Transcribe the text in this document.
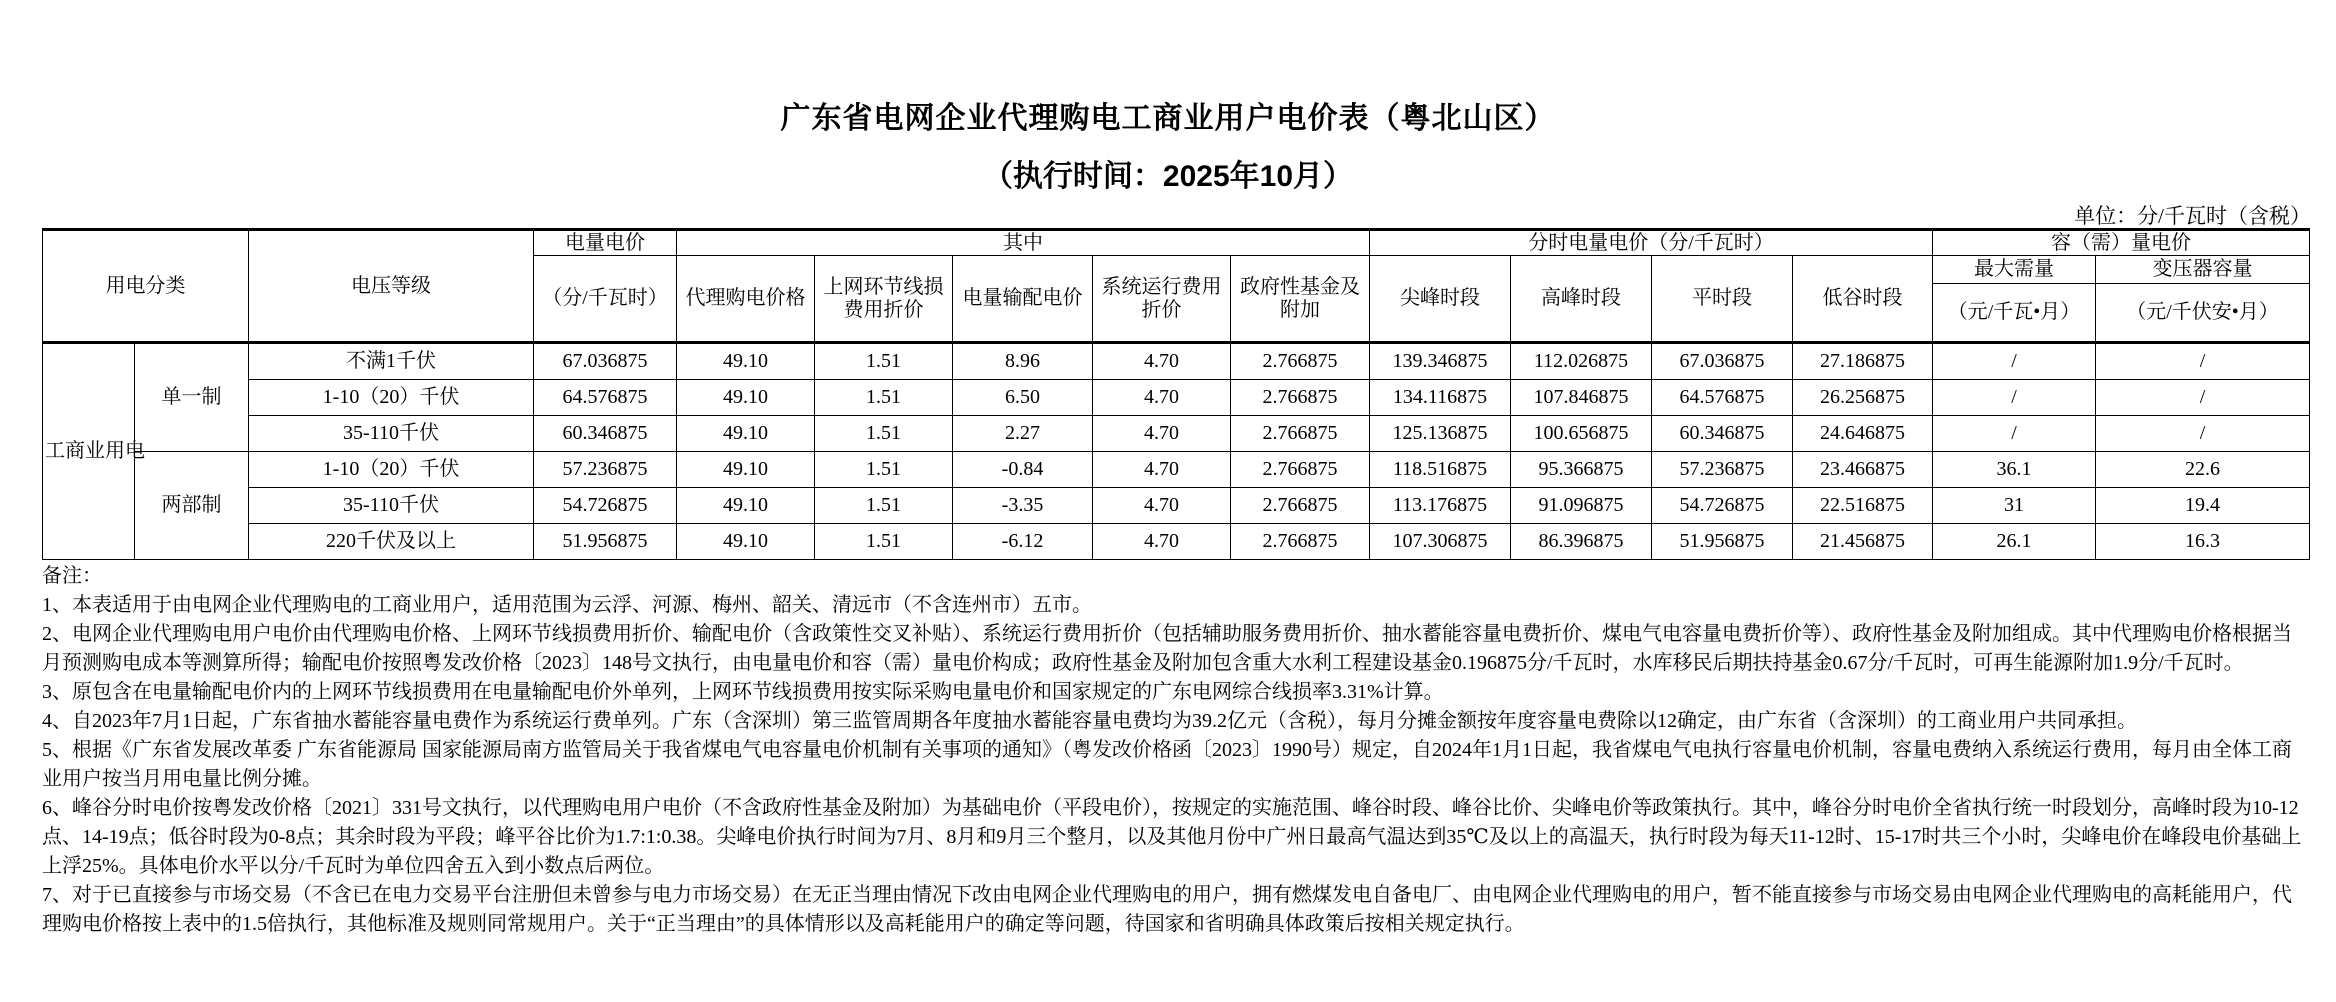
广东省电网企业代理购电工商业用户电价表（粤北山区）
（执行时间：2025年10月）
单位：分/千瓦时（含税）
用电分类		电压等级	电量电价	其中					分时电量电价（分/千瓦时）				容（需）量电价	
			（分/千瓦时）	代理购电价格	上网环节线损费用折价	电量输配电价	系统运行费用折价	政府性基金及附加	尖峰时段	高峰时段	平时段	低谷时段	最大需量	变压器容量
													（元/千瓦•月）	（元/千伏安•月）
工商业用电	单一制	不满1千伏	67.036875	49.10	1.51	8.96	4.70	2.766875	139.346875	112.026875	67.036875	27.186875	/	/
		1-10（20）千伏	64.576875	49.10	1.51	6.50	4.70	2.766875	134.116875	107.846875	64.576875	26.256875	/	/
		35-110千伏	60.346875	49.10	1.51	2.27	4.70	2.766875	125.136875	100.656875	60.346875	24.646875	/	/
	两部制	1-10（20）千伏	57.236875	49.10	1.51	-0.84	4.70	2.766875	118.516875	95.366875	57.236875	23.466875	36.1	22.6
		35-110千伏	54.726875	49.10	1.51	-3.35	4.70	2.766875	113.176875	91.096875	54.726875	22.516875	31	19.4
		220千伏及以上	51.956875	49.10	1.51	-6.12	4.70	2.766875	107.306875	86.396875	51.956875	21.456875	26.1	16.3

备注：

1、本表适用于由电网企业代理购电的工商业用户，适用范围为云浮、河源、梅州、韶关、清远市（不含连州市）五市。

2、电网企业代理购电用户电价由代理购电价格、上网环节线损费用折价、输配电价（含政策性交叉补贴）、系统运行费用折价（包括辅助服务费用折价、抽水蓄能容量电费折价、煤电气电容量电费折价等）、政府性基金及附加组成。其中代理购电价格根据当月预测购电成本等测算所得；输配电价按照粤发改价格〔2023〕148号文执行，由电量电价和容（需）量电价构成；政府性基金及附加包含重大水利工程建设基金0.196875分/千瓦时，水库移民后期扶持基金0.67分/千瓦时，可再生能源附加1.9分/千瓦时。

3、原包含在电量输配电价内的上网环节线损费用在电量输配电价外单列，上网环节线损费用按实际采购电量电价和国家规定的广东电网综合线损率3.31%计算。

4、自2023年7月1日起，广东省抽水蓄能容量电费作为系统运行费单列。广东（含深圳）第三监管周期各年度抽水蓄能容量电费均为39.2亿元（含税），每月分摊金额按年度容量电费除以12确定，由广东省（含深圳）的工商业用户共同承担。

5、根据《广东省发展改革委 广东省能源局 国家能源局南方监管局关于我省煤电气电容量电价机制有关事项的通知》（粤发改价格函〔2023〕1990号）规定，自2024年1月1日起，我省煤电气电执行容量电价机制，容量电费纳入系统运行费用，每月由全体工商业用户按当月用电量比例分摊。

6、峰谷分时电价按粤发改价格〔2021〕331号文执行，以代理购电用户电价（不含政府性基金及附加）为基础电价（平段电价），按规定的实施范围、峰谷时段、峰谷比价、尖峰电价等政策执行。其中，峰谷分时电价全省执行统一时段划分，高峰时段为10-12点、14-19点；低谷时段为0-8点；其余时段为平段；峰平谷比价为1.7:1:0.38。尖峰电价执行时间为7月、8月和9月三个整月，以及其他月份中广州日最高气温达到35℃及以上的高温天，执行时段为每天11-12时、15-17时共三个小时，尖峰电价在峰段电价基础上上浮25%。具体电价水平以分/千瓦时为单位四舍五入到小数点后两位。

7、对于已直接参与市场交易（不含已在电力交易平台注册但未曾参与电力市场交易）在无正当理由情况下改由电网企业代理购电的用户，拥有燃煤发电自备电厂、由电网企业代理购电的用户，暂不能直接参与市场交易由电网企业代理购电的高耗能用户，代理购电价格按上表中的1.5倍执行，其他标准及规则同常规用户。关于“正当理由”的具体情形以及高耗能用户的确定等问题，待国家和省明确具体政策后按相关规定执行。
